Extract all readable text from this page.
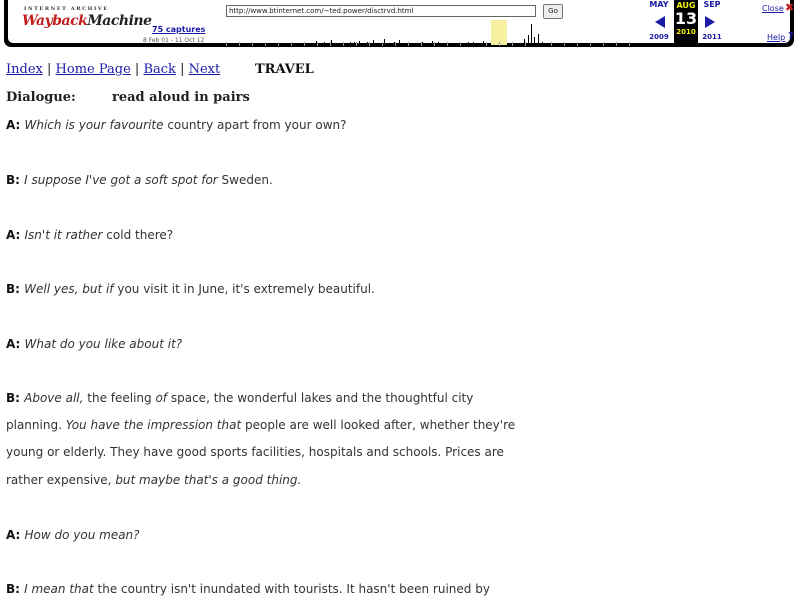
INTERNET ARCHIVE
WaybackMachine
75 captures
8 Feb 01 - 11 Oct 12
http://www.btinternet.com/~ted.power/disctrvd.html
Go
MAY
2009
AUG
13
2010
SEP
2011
Close ✖
Help ?
Index | Home Page | Back | Next	TRAVEL
Dialogue:	read aloud in pairs
A: Which is your favourite country apart from your own?
B: I suppose I've got a soft spot for Sweden.
A: Isn't it rather cold there?
B: Well yes, but if you visit it in June, it's extremely beautiful.
A: What do you like about it?
B: Above all, the feeling of space, the wonderful lakes and the thoughtful city
planning. You have the impression that people are well looked after, whether they're
young or elderly. They have good sports facilities, hospitals and schools. Prices are
rather expensive, but maybe that's a good thing.
A: How do you mean?
B: I mean that the country isn't inundated with tourists. It hasn't been ruined by
